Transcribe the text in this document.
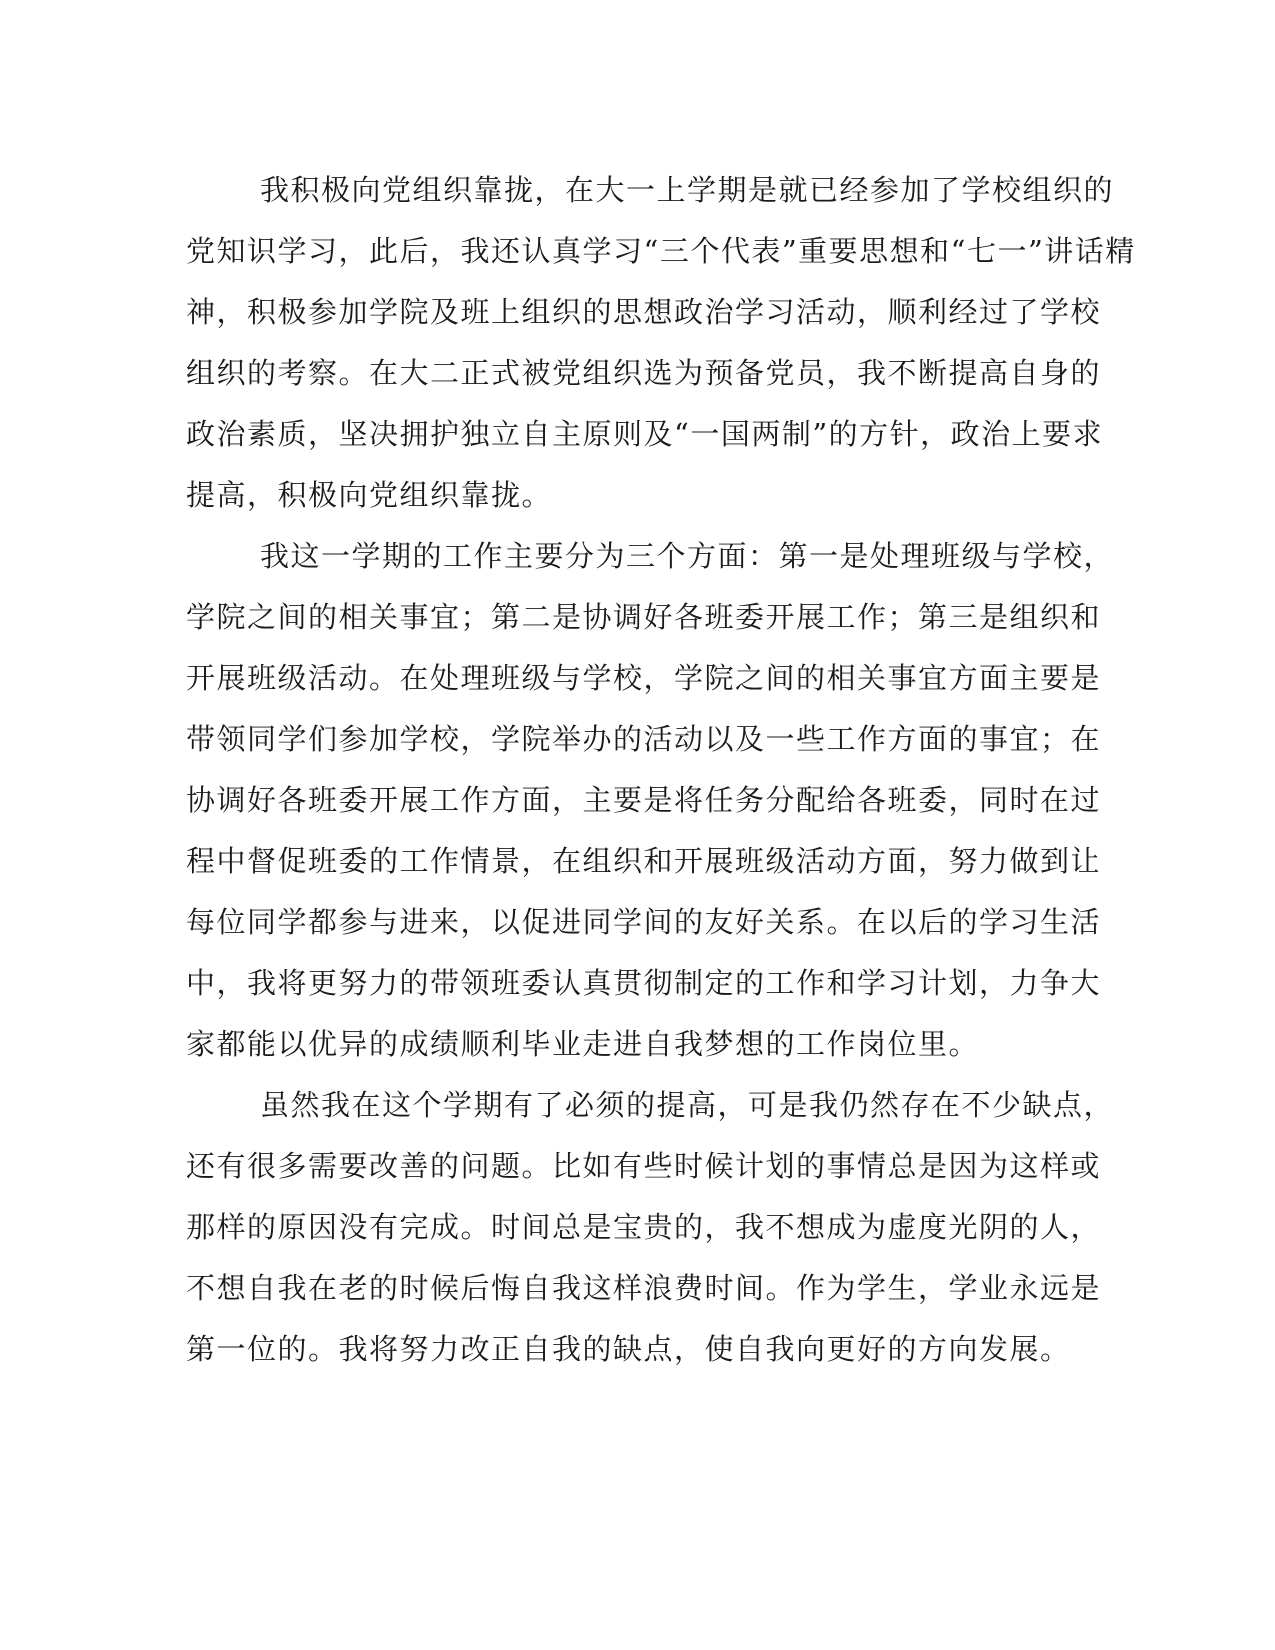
我积极向党组织靠拢，在大一上学期是就已经参加了学校组织的
党知识学习，此后，我还认真学习“三个代表”重要思想和“七一”讲话精
神，积极参加学院及班上组织的思想政治学习活动，顺利经过了学校
组织的考察。在大二正式被党组织选为预备党员，我不断提高自身的
政治素质，坚决拥护独立自主原则及“一国两制”的方针，政治上要求
提高，积极向党组织靠拢。
我这一学期的工作主要分为三个方面：第一是处理班级与学校，
学院之间的相关事宜；第二是协调好各班委开展工作；第三是组织和
开展班级活动。在处理班级与学校，学院之间的相关事宜方面主要是
带领同学们参加学校，学院举办的活动以及一些工作方面的事宜；在
协调好各班委开展工作方面，主要是将任务分配给各班委，同时在过
程中督促班委的工作情景，在组织和开展班级活动方面，努力做到让
每位同学都参与进来，以促进同学间的友好关系。在以后的学习生活
中，我将更努力的带领班委认真贯彻制定的工作和学习计划，力争大
家都能以优异的成绩顺利毕业走进自我梦想的工作岗位里。
虽然我在这个学期有了必须的提高，可是我仍然存在不少缺点，
还有很多需要改善的问题。比如有些时候计划的事情总是因为这样或
那样的原因没有完成。时间总是宝贵的，我不想成为虚度光阴的人，
不想自我在老的时候后悔自我这样浪费时间。作为学生，学业永远是
第一位的。我将努力改正自我的缺点，使自我向更好的方向发展。
